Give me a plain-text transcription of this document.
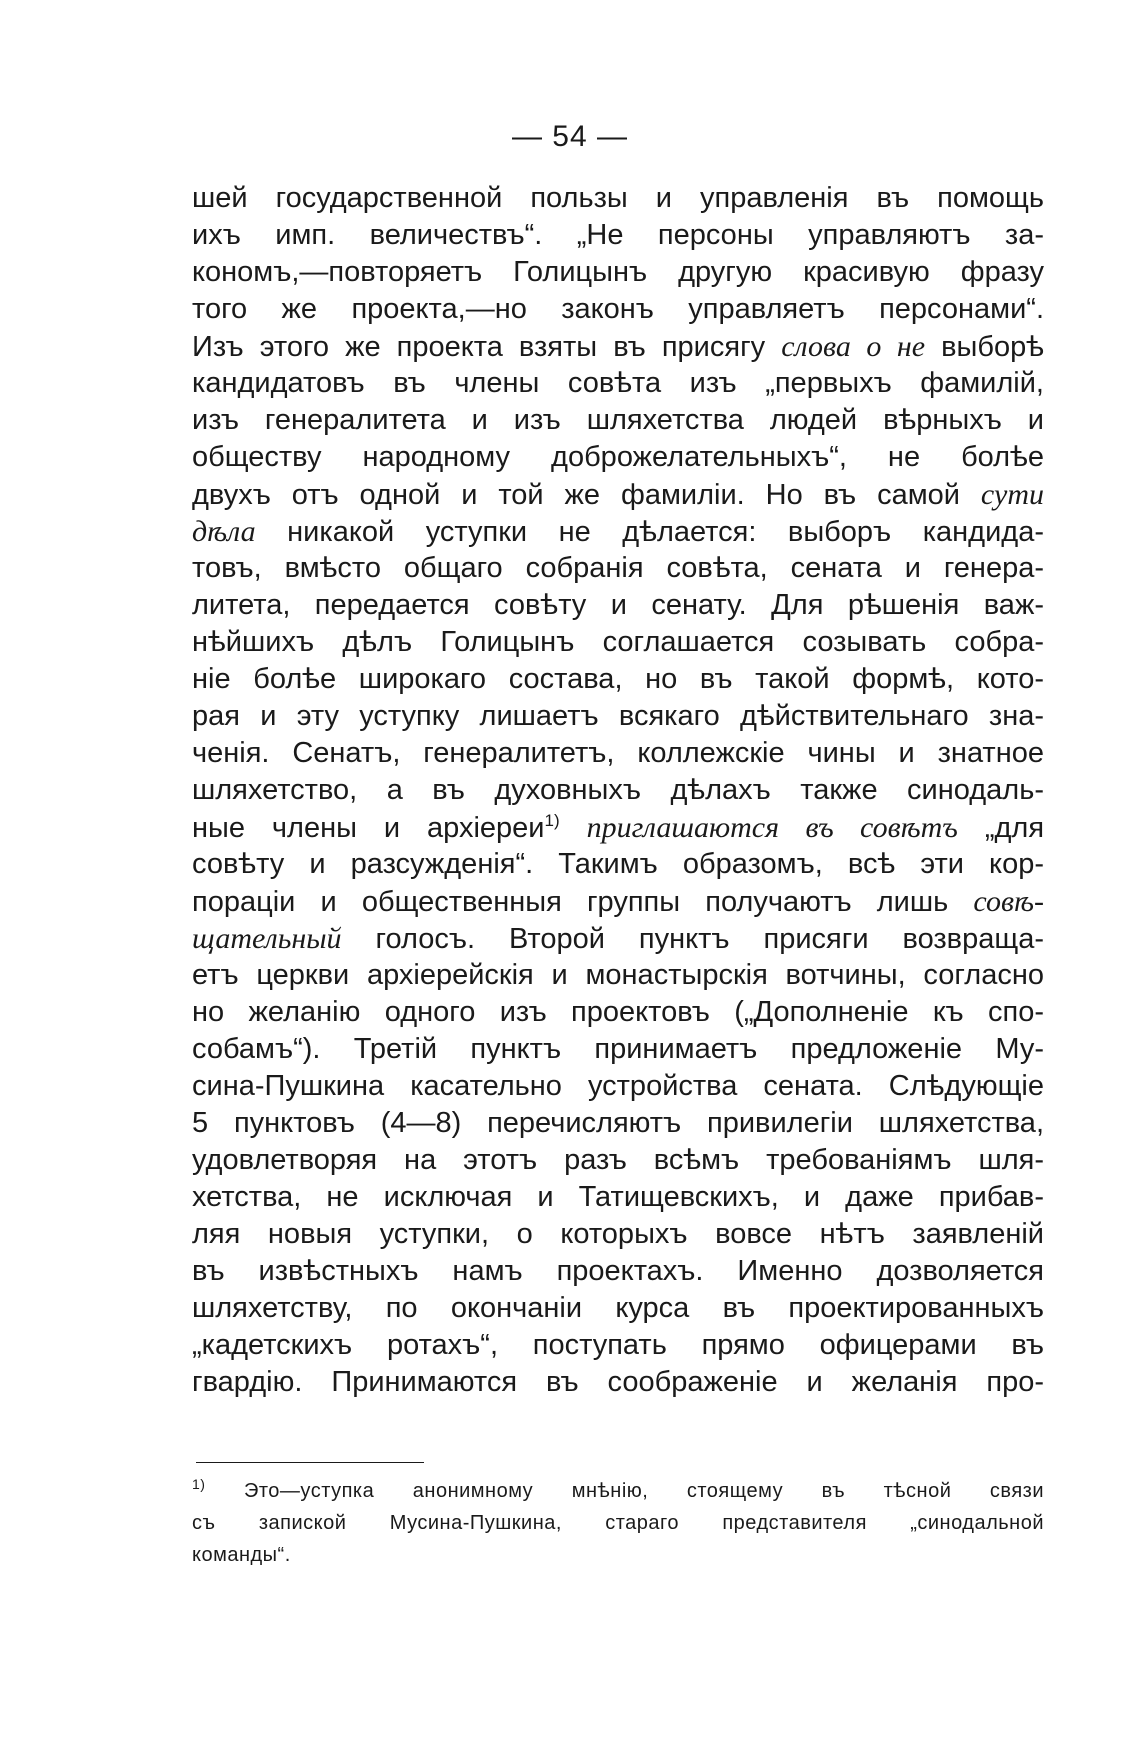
— 54 —
шей государственной пользы и управленія въ помощь
ихъ имп. величествъ“. „Не персоны управляютъ за-
кономъ,—повторяетъ Голицынъ другую красивую фразу
того же проекта,—но законъ управляетъ персонами“.
Изъ этого же проекта взяты въ присягу слова о не выборѣ
кандидатовъ въ члены совѣта изъ „первыхъ фамилій,
изъ генералитета и изъ шляхетства людей вѣрныхъ и
обществу народному доброжелательныхъ“, не болѣе
двухъ отъ одной и той же фамиліи. Но въ самой сути
дѣла никакой уступки не дѣлается: выборъ кандида-
товъ, вмѣсто общаго собранія совѣта, сената и генера-
литета, передается совѣту и сенату. Для рѣшенія важ-
нѣйшихъ дѣлъ Голицынъ соглашается созывать собра-
ніе болѣе широкаго состава, но въ такой формѣ, кото-
рая и эту уступку лишаетъ всякаго дѣйствительнаго зна-
ченія. Сенатъ, генералитетъ, коллежскіе чины и знатное
шляхетство, а въ духовныхъ дѣлахъ также синодаль-
ные члены и архіереи$^{1)}$ приглашаются въ совѣтъ „для
совѣту и разсужденія“. Такимъ образомъ, всѣ эти кор-
пораціи и общественныя группы получаютъ лишь совѣ-
щательный голосъ. Второй пунктъ присяги возвраща-
етъ церкви архіерейскія и монастырскія вотчины, согласно
но желанію одного изъ проектовъ („Дополненіе къ спо-
собамъ“). Третій пунктъ принимаетъ предложеніе Му-
сина-Пушкина касательно устройства сената. Слѣдующіе
5 пунктовъ (4—8) перечисляютъ привилегіи шляхетства,
удовлетворяя на этотъ разъ всѣмъ требованіямъ шля-
хетства, не исключая и Татищевскихъ, и даже прибав-
ляя новыя уступки, о которыхъ вовсе нѣтъ заявленій
въ извѣстныхъ намъ проектахъ. Именно дозволяется
шляхетству, по окончаніи курса въ проектированныхъ
„кадетскихъ ротахъ“, поступать прямо офицерами въ
гвардію. Принимаются въ соображеніе и желанія про-
$^{1)}$ Это—уступка анонимному мнѣнію, стоящему въ тѣсной связи
съ запиской Мусина-Пушкина, стараго представителя „синодальной
команды“.
